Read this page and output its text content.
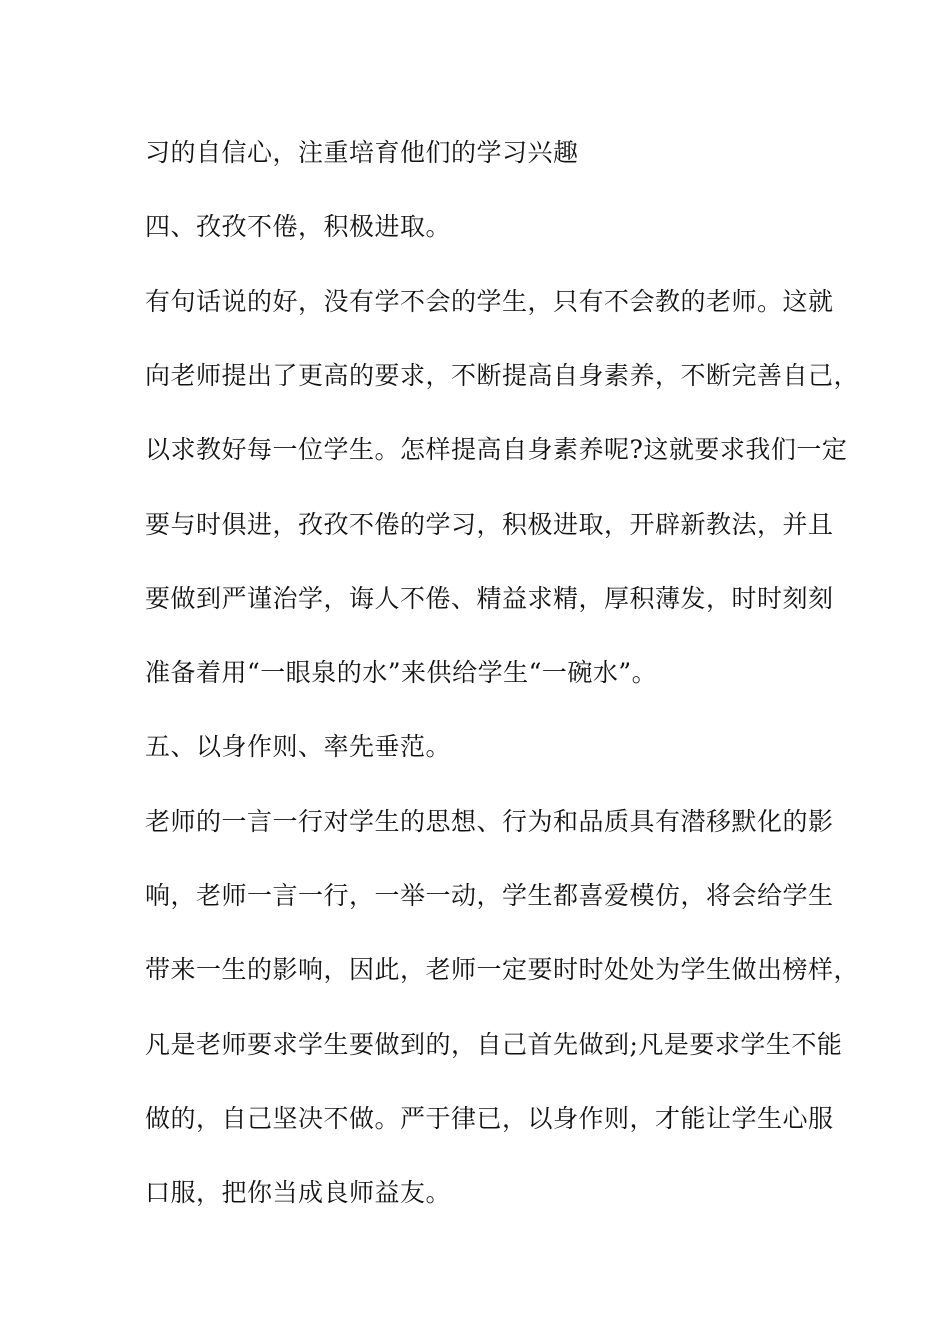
习的自信心，注重培育他们的学习兴趣
四、孜孜不倦，积极进取。
有句话说的好，没有学不会的学生，只有不会教的老师。这就
向老师提出了更高的要求，不断提高自身素养，不断完善自己，
以求教好每一位学生。怎样提高自身素养呢?这就要求我们一定
要与时俱进，孜孜不倦的学习，积极进取，开辟新教法，并且
要做到严谨治学，诲人不倦、精益求精，厚积薄发，时时刻刻
准备着用“一眼泉的水”来供给学生“一碗水”。
五、以身作则、率先垂范。
老师的一言一行对学生的思想、行为和品质具有潜移默化的影
响，老师一言一行，一举一动，学生都喜爱模仿，将会给学生
带来一生的影响，因此，老师一定要时时处处为学生做出榜样，
凡是老师要求学生要做到的，自己首先做到;凡是要求学生不能
做的，自己坚决不做。严于律已，以身作则，才能让学生心服
口服，把你当成良师益友。
